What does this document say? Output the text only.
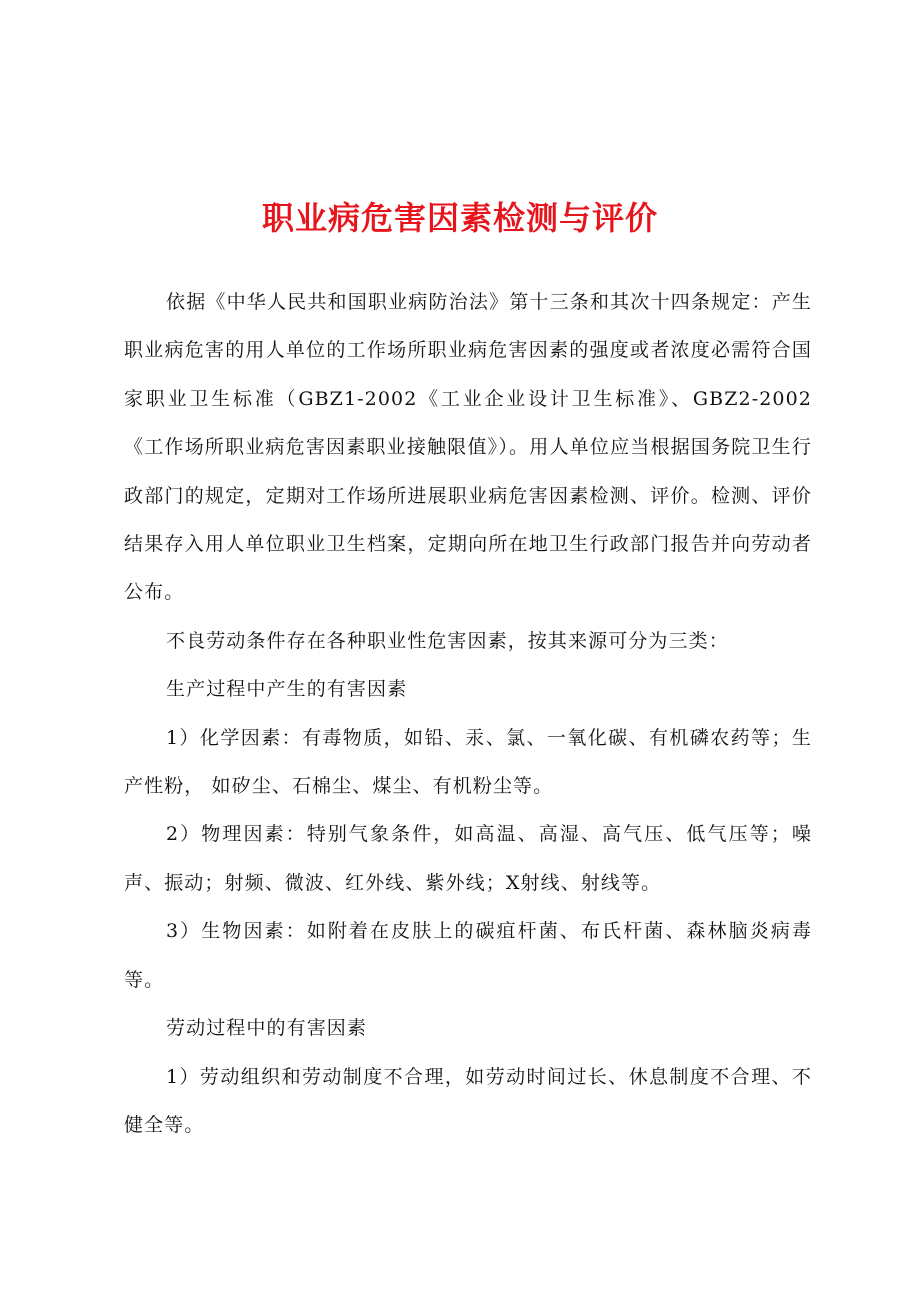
职业病危害因素检测与评价

依据《中华人民共和国职业病防治法》第十三条和其次十四条规定：产生职业病危害的用人单位的工作场所职业病危害因素的强度或者浓度必需符合国家职业卫生标准（GBZ1-2002《工业企业设计卫生标准》、GBZ2-2002《工作场所职业病危害因素职业接触限值》）。用人单位应当根据国务院卫生行政部门的规定，定期对工作场所进展职业病危害因素检测、评价。检测、评价结果存入用人单位职业卫生档案，定期向所在地卫生行政部门报告并向劳动者公布。

不良劳动条件存在各种职业性危害因素，按其来源可分为三类：

生产过程中产生的有害因素

1）化学因素：有毒物质，如铅、汞、氯、一氧化碳、有机磷农药等；生产性粉， 如矽尘、石棉尘、煤尘、有机粉尘等。

2）物理因素：特别气象条件，如高温、高湿、高气压、低气压等；噪声、振动；射频、微波、红外线、紫外线；X射线、射线等。

3）生物因素：如附着在皮肤上的碳疽杆菌、布氏杆菌、森林脑炎病毒等。

劳动过程中的有害因素

1）劳动组织和劳动制度不合理，如劳动时间过长、休息制度不合理、不健全等。
